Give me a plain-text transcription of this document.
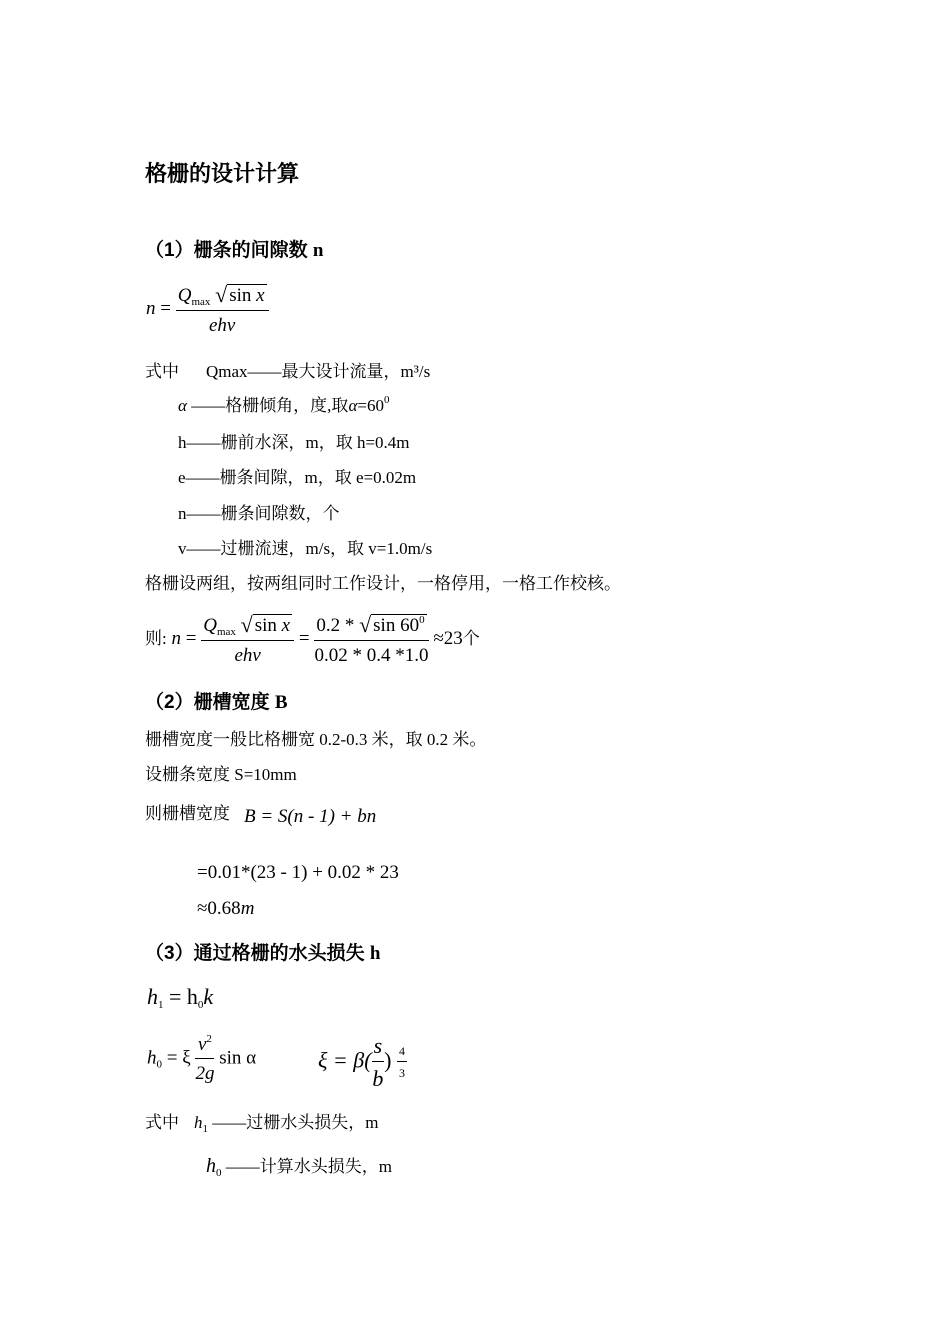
格栅的设计计算
（1）栅条的间隙数 n
$n = \frac{Q_{max} √ \sin x}{\text{ehv}}$
式中 Qmax——最大设计流量，m³/s
α ——格栅倾角，度,取$\alpha=60^0$
h——栅前水深，m，取 h=0.4m
e——栅条间隙，m，取 e=0.02m
n——栅条间隙数，个
v——过栅流速，m/s，取 v=1.0m/s
格栅设两组，按两组同时工作设计，一格停用，一格工作校核。
则: $n = \frac{Q_{max} √ \sin x}{\text{ehv}} = \frac{0.2 * √ \sin 60^0}{0.02 * 0.4 *1.0} \approx 23$个
（2）栅槽宽度 B
栅槽宽度一般比格栅宽 0.2-0.3 米，取 0.2 米。
设栅条宽度 S=10mm
则栅槽宽度 B = S(n - 1) + bn
=0.01*(23 - 1) + 0.02 * 23
≈0.68m
（3）通过格栅的水头损失 h
$h_1 = h_0k$
$h_0 = \xi \frac{v^2}{2g}$ sin α	$\xi = \beta( \frac{s}{b}$ ) $\frac{4}{3}$
式中 $h_1$ ——过栅水头损失，m
$h_0$ ——计算水头损失，m
